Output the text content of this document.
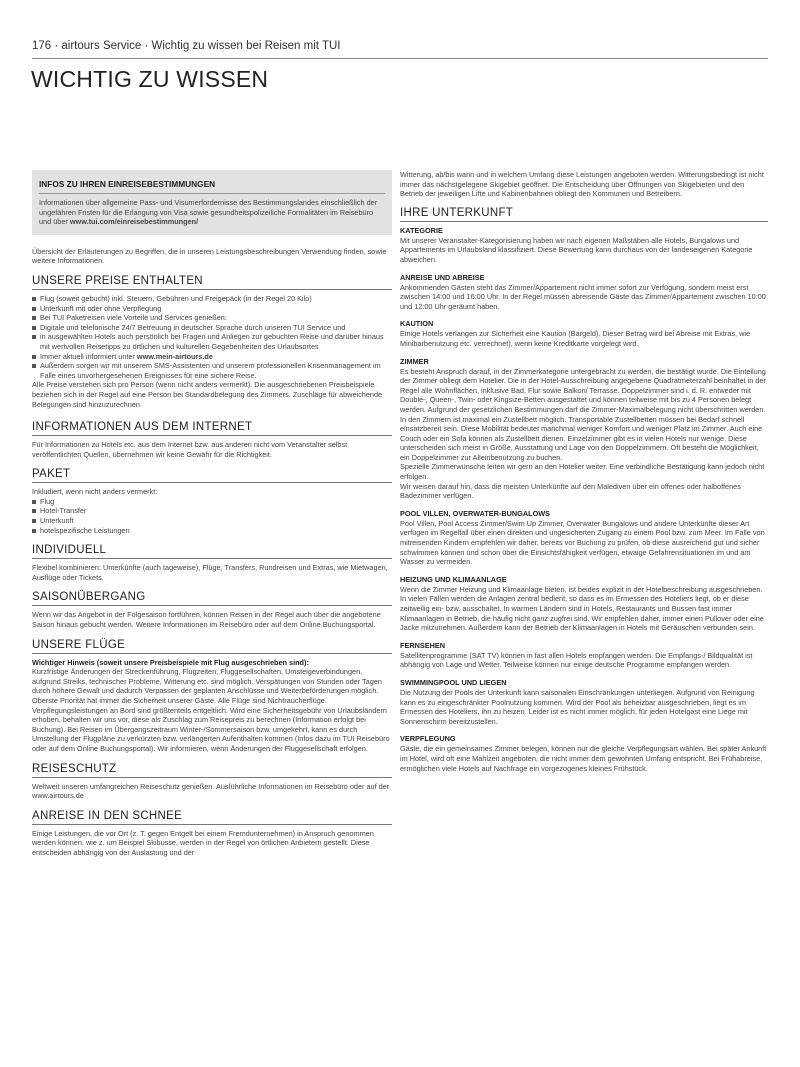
176 · airtours Service · Wichtig zu wissen bei Reisen mit TUI
WICHTIG ZU WISSEN
INFOS ZU IHREN EINREISEBESTIMMUNGEN

Informationen über allgemeine Pass- und Visumerfordernisse des Bestimmungslandes einschließlich der ungefähren Fristen für die Erlangung von Visa sowie gesundheitspolizeiliche Formalitäten im Reisebüro und über www.tui.com/einreisebestimmungen/

Übersicht der Erläuterungen zu Begriffen, die in unseren Leistungsbeschreibungen Verwendung finden, sowie weitere Informationen.

UNSERE PREISE ENTHALTEN
Flug (soweit gebucht) inkl. Steuern, Gebühren und Freigepäck (in der Regel 20 Kilo)
Unterkunft mit oder ohne Verpflegung
Bei TUI Paketreisen viele Vorteile und Services genießen:
Digitale und telefonische 24/7 Betreuung in deutscher Sprache durch unseren TUI Service und
in ausgewählten Hotels auch persönlich bei Fragen und Anliegen zur gebuchten Reise und darüber hinaus mit wertvollen Reisetipps zu örtlichen und kulturellen Gegebenheiten des Urlaubsortes
Immer aktuell informiert unter www.mein-airtours.de
Außerdem sorgen wir mit unserem SMS-Assistenten und unserem professionellen Krisenmanagement im Falle eines unvorhergesehenen Ereignisses für eine sichere Reise.

Alle Preise verstehen sich pro Person (wenn nicht anders vermerkt). Die ausgeschriebenen Preisbeispiele beziehen sich in der Regel auf eine Person bei Standardbelegung des Zimmers. Zuschläge für abweichende Belegungen sind hinzuzurechnen.

INFORMATIONEN AUS DEM INTERNET

Für Informationen zu Hotels etc. aus dem Internet bzw. aus anderen nicht vom Veranstalter selbst veröffentlichten Quellen, übernehmen wir keine Gewähr für die Richtigkeit.

PAKET

Inkludiert, wenn nicht anders vermerkt:

Flug
Hotel-Transfer
Unterkunft
hotelspezifische Leistungen
INDIVIDUELL

Flexibel kombinieren: Unterkünfte (auch tageweise), Flüge, Transfers, Rundreisen und Extras, wie Mietwagen, Ausflüge oder Tickets.

SAISONÜBERGANG

Wenn wir das Angebot in der Folgesaison fortführen, können Reisen in der Regel auch über die angebotene Saison hinaus gebucht werden. Weitere Informationen im Reisebüro oder auf dem Online Buchungsportal.

UNSERE FLÜGE

Wichtiger Hinweis (soweit unsere Preisbeispiele mit Flug ausgeschrieben sind):
Kurzfristige Änderungen der Streckenführung, Flugzeiten, Fluggesellschaften, Umsteigeverbindungen, aufgrund Streiks, technischer Probleme, Witterung etc. sind möglich. Verspätungen von Stunden oder Tagen durch höhere Gewalt und dadurch Verpassen der geplanten Anschlüsse und Weiterbeförderungen möglich. Oberste Priorität hat immer die Sicherheit unserer Gäste. Alle Flüge sind Nichtraucherflüge. Verpflegungsleistungen an Bord sind größtenteils entgeltlich. Wird eine Sicherheitsgebühr von Urlaubsländern erhoben, behalten wir uns vor, diese als Zuschlag zum Reisepreis zu berechnen (Information erfolgt bei Buchung). Bei Reisen im Übergangszeitraum Winter-/Sommersaison bzw. umgekehrt, kann es durch Umstellung der Flugpläne zu verkürzten bzw. verlängerten Aufenthalten kommen (Infos dazu im TUI Reisebüro oder auf dem Online Buchungsportal). Wir informieren, wenn Änderungen der Fluggesellschaft erfolgen.

REISESCHUTZ

Weltweit unseren umfangreichen Reiseschutz genießen. Ausführliche Informationen im Reisebüro oder auf der www.airtours.de

ANREISE IN DEN SCHNEE

Einige Leistungen, die vor Ort (z. T. gegen Entgelt bei einem Fremdunternehmen) in Anspruch genommen werden können, wie z. um Beispiel Skibusse, werden in der Regel von örtlichen Anbietern gestellt. Diese entscheiden abhängig von der Auslastung und der

Witterung, ab/bis wann und in welchem Umfang diese Leistungen angeboten werden. Witterungsbedingt ist nicht immer das nächstgelegene Skigebiet geöffnet. Die Entscheidung über Öffnungen von Skigebieten und den Betrieb der jeweiligen Lifte und Kabinenbahnen obliegt den Kommunen und Betreibern.

IHRE UNTERKUNFT
KATEGORIE

Mit unserer Veranstalter-Kategorisierung haben wir nach eigenen Maßstäben alle Hotels, Bungalows und Appartements im Urlaubsland klassifiziert. Diese Bewertung kann durchaus von der landeseigenen Kategorie abweichen.

ANREISE UND ABREISE

Ankommenden Gästen steht das Zimmer/Appartement nicht immer sofort zur Verfügung, sondern meist erst zwischen 14:00 und 16:00 Uhr. In der Regel müssen abreisende Gäste das Zimmer/Appartement zwischen 10:00 und 12:00 Uhr geräumt haben.

KAUTION

Einige Hotels verlangen zur Sicherheit eine Kaution (Bargeld). Dieser Betrag wird bei Abreise mit Extras, wie Minibarbenutzung etc. verrechnet), wenn keine Kreditkarte vorgelegt wird.

ZIMMER

Es besteht Anspruch darauf, in der Zimmerkategorie untergebracht zu werden, die bestätigt wurde. Die Einteilung der Zimmer obliegt dem Hotelier. Die in der Hotel-Ausschreibung angegebene Quadratmeterzahl beinhaltet in der Regel alle Wohnflächen, inklusive Bad, Flur sowie Balkon/ Terrasse. Doppelzimmer sind i. d. R. entweder mit Double-, Queen-, Twin- oder Kingsize-Betten ausgestattet und können teilweise mit bis zu 4 Personen belegt werden. Aufgrund der gesetzlichen Bestimmungen darf die Zimmer-Maximalbelegung nicht überschritten werden.
In den Zimmern ist maximal ein Zustellbett möglich. Transportable Zustellbetten müssen bei Bedarf schnell einsatzbereit sein. Diese Mobilität bedeutet manchmal weniger Komfort und weniger Platz im Zimmer. Auch eine Couch oder ein Sofa können als Zustellbett dienen. Einzelzimmer gibt es in vielen Hotels nur wenige. Diese unterscheiden sich meist in Größe, Ausstattung und Lage von den Doppelzimmern. Oft besteht die Möglichkeit, ein Doppelzimmer zur Alleinbenutzung zu buchen.
Spezielle Zimmerwünsche leiten wir gern an den Hotelier weiter. Eine verbindliche Bestätigung kann jedoch nicht erfolgen.
Wir weisen darauf hin, dass die meisten Unterkünfte auf den Malediven über ein offenes oder halboffenes Badezimmer verfügen.

POOL VILLEN, OVERWATER-BUNGALOWS

Pool Villen, Pool Access Zimmer/Swim Up Zimmer, Overwater Bungalows und andere Unterkünfte dieser Art verfügen im Regelfall über einen direkten und ungesicherten Zugang zu einem Pool bzw. zum Meer. Im Falle von mitreisenden Kindern empfehlen wir daher, bereits vor Buchung zu prüfen, ob diese ausreichend gut und sicher schwimmen können und schon über die Einsichtsfähigkeit verfügen, etwaige Gefahrensituationen im und am Wasser zu vermeiden.

HEIZUNG UND KLIMAANLAGE

Wenn die Zimmer Heizung und Klimaanlage bieten, ist beides explizit in der Hotelbeschreibung ausgeschrieben. In vielen Fällen werden die Anlagen zentral bedient, so dass es im Ermessen des Hoteliers liegt, ob er diese zeitweilig ein- bzw. ausschaltet. In warmen Ländern sind in Hotels, Restaurants und Bussen fast immer Klimaanlagen in Betrieb, die häufig nicht ganz zugfrei sind. Wir empfehlen daher, immer einen Pullover oder eine Jacke mitzunehmen. Außerdem kann der Betrieb der Klimaanlagen in Hotels mit Geräuschen verbunden sein.

FERNSEHEN

Satellitenprogramme (SAT TV) können in fast allen Hotels empfangen werden. Die Empfangs-/ Bildqualität ist abhängig von Lage und Wetter. Teilweise können nur einige deutsche Programme empfangen werden.

SWIMMINGPOOL UND LIEGEN

Die Nutzung der Pools der Unterkunft kann saisonalen Einschränkungen unterliegen. Aufgrund von Reinigung kann es zu eingeschränkter Poolnutzung kommen. Wird der Pool als beheizbar ausgeschrieben, liegt es im Ermessen des Hoteliers, ihn zu heizen. Leider ist es nicht immer möglich, für jeden Hotelgast eine Liege mit Sonnenschirm bereitzustellen.

VERPFLEGUNG

Gäste, die ein gemeinsames Zimmer belegen, können nur die gleiche Verpflegungsart wählen. Bei später Ankunft im Hotel, wird oft eine Mahlzeit angeboten, die nicht immer dem gewohnten Umfang entspricht. Bei Frühabreise, ermöglichen viele Hotels auf Nachfrage ein vorgezogenes kleines Frühstück.
